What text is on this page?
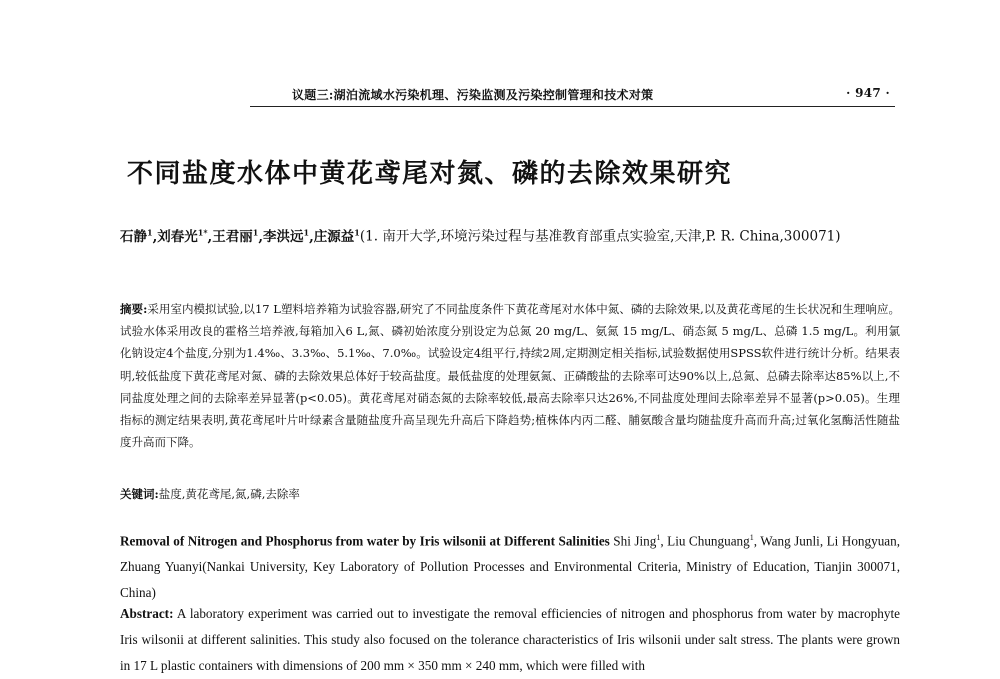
议题三:湖泊流域水污染机理、污染监测及污染控制管理和技术对策	· 947 ·
不同盐度水体中黄花鸢尾对氮、磷的去除效果研究
石静$^1$,刘春光$^{1*}$,王君丽$^1$,李洪远$^1$,庄源益$^1$(1. 南开大学,环境污染过程与基准教育部重点实验室,天津,P. R. China,300071)
摘要:采用室内模拟试验,以17 L塑料培养箱为试验容器,研究了不同盐度条件下黄花鸢尾对水体中氮、磷的去除效果,以及黄花鸢尾的生长状况和生理响应。试验水体采用改良的霍格兰培养液,每箱加入6 L,氮、磷初始浓度分别设定为总氮 20 mg/L、氨氮 15 mg/L、硝态氮 5 mg/L、总磷 1.5 mg/L。利用氯化钠设定4个盐度,分别为1.4‰、3.3‰、5.1‰、7.0‰。试验设定4组平行,持续2周,定期测定相关指标,试验数据使用SPSS软件进行统计分析。结果表明,较低盐度下黄花鸢尾对氮、磷的去除效果总体好于较高盐度。最低盐度的处理氨氮、正磷酸盐的去除率可达90%以上,总氮、总磷去除率达85%以上,不同盐度处理之间的去除率差异显著(p<0.05)。黄花鸢尾对硝态氮的去除率较低,最高去除率只达26%,不同盐度处理间去除率差异不显著(p>0.05)。生理指标的测定结果表明,黄花鸢尾叶片叶绿素含量随盐度升高呈现先升高后下降趋势;植株体内丙二醛、脯氨酸含量均随盐度升高而升高;过氧化氢酶活性随盐度升高而下降。
关键词:盐度,黄花鸢尾,氮,磷,去除率
Removal of Nitrogen and Phosphorus from water by Iris wilsonii at Different Salinities Shi Jing$^1$, Liu Chunguang$^1$, Wang Junli, Li Hongyuan, Zhuang Yuanyi(Nankai University, Key Laboratory of Pollution Processes and Environmental Criteria, Ministry of Education, Tianjin 300071, China)
Abstract: A laboratory experiment was carried out to investigate the removal efficiencies of nitrogen and phosphorus from water by macrophyte Iris wilsonii at different salinities. This study also focused on the tolerance characteristics of Iris wilsonii under salt stress. The plants were grown in 17 L plastic containers with dimensions of 200 mm × 350 mm × 240 mm, which were filled with
